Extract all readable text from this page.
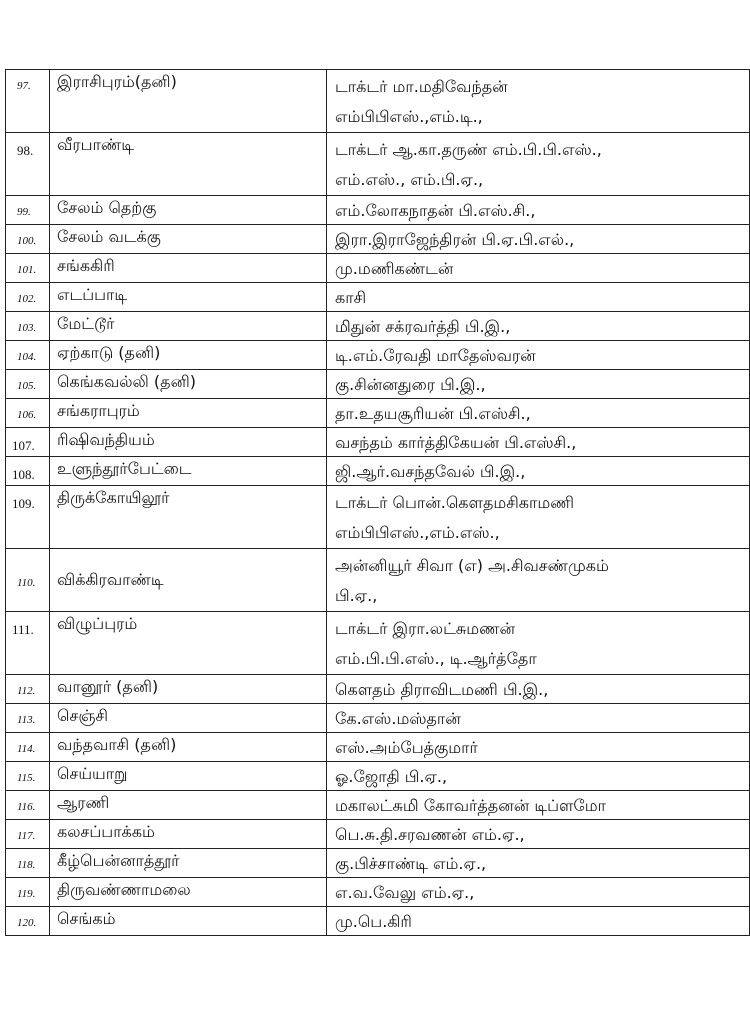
97.	இராசிபுரம்(தனி)	டாக்டர் மா.மதிவேந்தன்
எம்பிபிஎஸ்.,எம்.டி.,

98.	வீரபாண்டி	டாக்டர் ஆ.கா.தருண் எம்.பி.பி.எஸ்.,
எம்.எஸ்., எம்.பி.ஏ.,

99.	சேலம் தெற்கு	எம்.லோகநாதன் பி.எஸ்.சி.,

100.	சேலம் வடக்கு	இரா.இராஜேந்திரன் பி.ஏ.பி.எல்.,

101.	சங்ககிரி	மு.மணிகண்டன்

102.	எடப்பாடி	காசி

103.	மேட்டூர்	மிதுன் சக்ரவர்த்தி பி.இ.,

104.	ஏற்காடு (தனி)	டி.எம்.ரேவதி மாதேஸ்வரன்

105.	கெங்கவல்லி (தனி)	கு.சின்னதுரை பி.இ.,

106.	சங்கராபுரம்	தா.உதயசூரியன் பி.எஸ்சி.,

107.	ரிஷிவந்தியம்	வசந்தம் கார்த்திகேயன் பி.எஸ்சி.,

108.	உளுந்தூர்பேட்டை	ஜி.ஆர்.வசந்தவேல் பி.இ.,

109.	திருக்கோயிலூர்	டாக்டர் பொன்.கௌதமசிகாமணி
எம்பிபிஎஸ்.,எம்.எஸ்.,

110.	விக்கிரவாண்டி	அன்னியூர் சிவா (எ) அ.சிவசண்முகம்
பி.ஏ.,

111.	விழுப்புரம்	டாக்டர் இரா.லட்சுமணன்
எம்.பி.பி.எஸ்., டி.ஆர்த்தோ

112.	வானூர் (தனி)	கௌதம் திராவிடமணி பி.இ.,

113.	செஞ்சி	கே.எஸ்.மஸ்தான்

114.	வந்தவாசி (தனி)	எஸ்.அம்பேத்குமார்

115.	செய்யாறு	ஓ.ஜோதி பி.ஏ.,

116.	ஆரணி	மகாலட்சுமி கோவர்த்தனன் டிப்ளமோ

117.	கலசப்பாக்கம்	பெ.சு.தி.சரவணன் எம்.ஏ.,

118.	கீழ்பென்னாத்தூர்	கு.பிச்சாண்டி எம்.ஏ.,

119.	திருவண்ணாமலை	எ.வ.வேலு எம்.ஏ.,

120.	செங்கம்	மு.பெ.கிரி
